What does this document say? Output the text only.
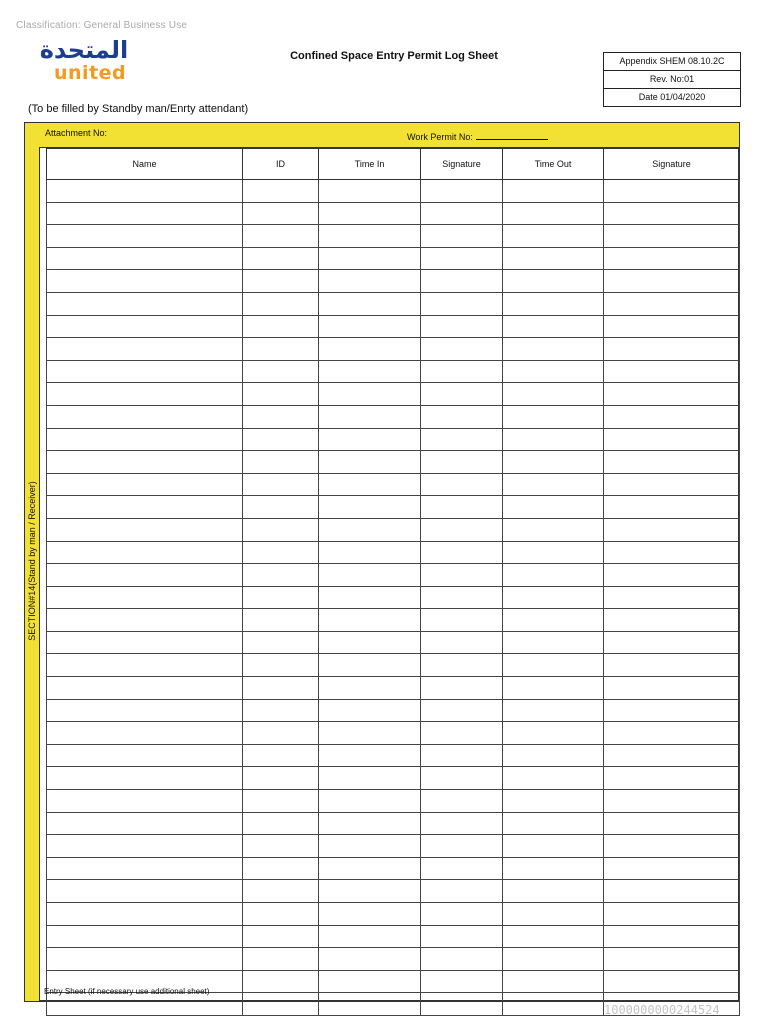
Classification: General Business Use
المتحدة
united
Confined Space Entry Permit Log Sheet	Appendix SHEM 08.10.2C
Rev. No:01
Date 01/04/2020
(To be filled by Standby man/Enrty attendant)
Attachment No:	Work Permit No:
SECTION#14(Stand by man / Receiver)
Name	ID	Time In	Signature	Time Out	Signature

Entry Sheet (if necessary use additional sheet)
1000000000244524
